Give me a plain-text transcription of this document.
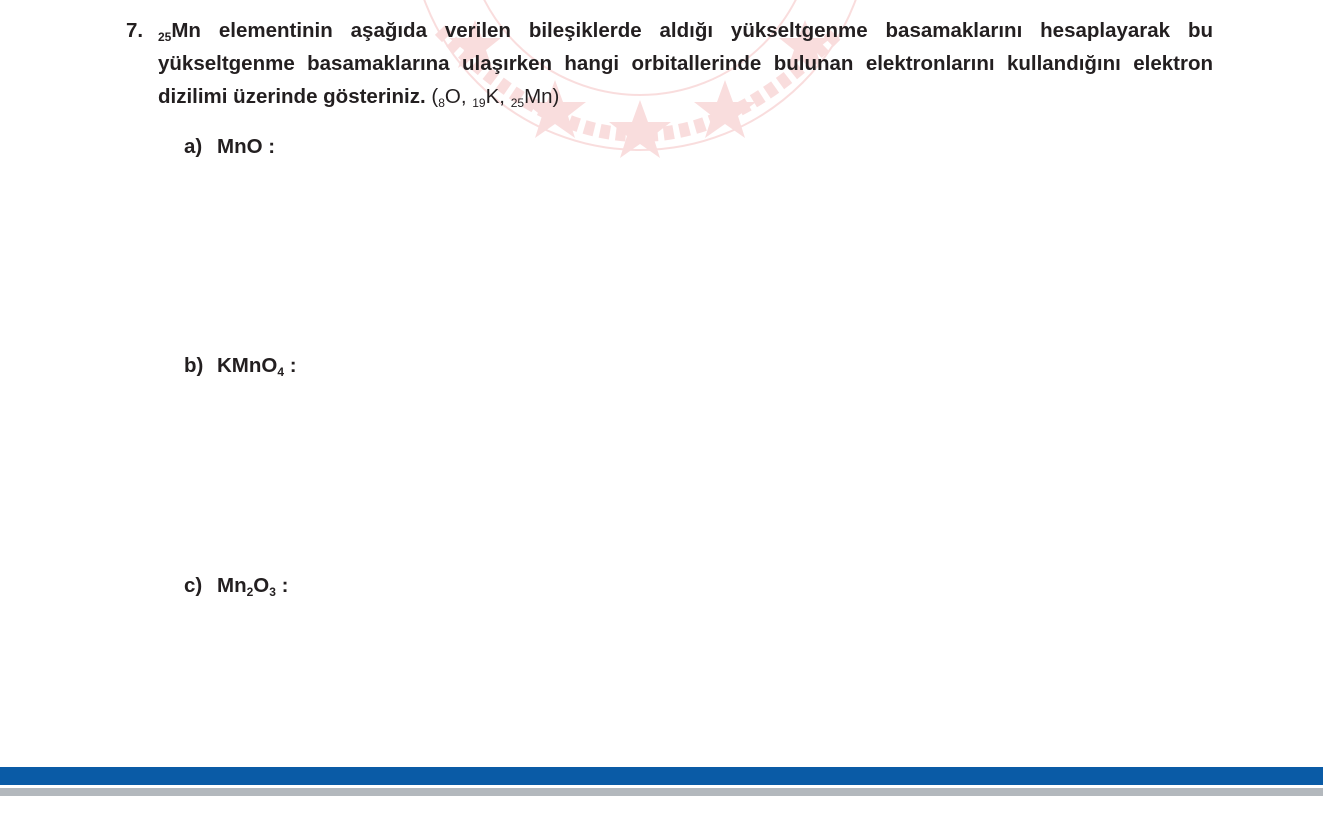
7. $_{25}$Mn elementinin aşağıda verilen bileşiklerde aldığı yükseltgenme basamaklarını hesaplayarak bu yükseltgenme basamaklarına ulaşırken hangi orbitallerinde bulunan elektronlarını kullandığını elektron dizilimi üzerinde gösteriniz. ($_8O$, $_{19}$K, $_{25}$Mn)
a) MnO :
b) KMnO$_4$ :
c) $Mn_2O_3$ :
